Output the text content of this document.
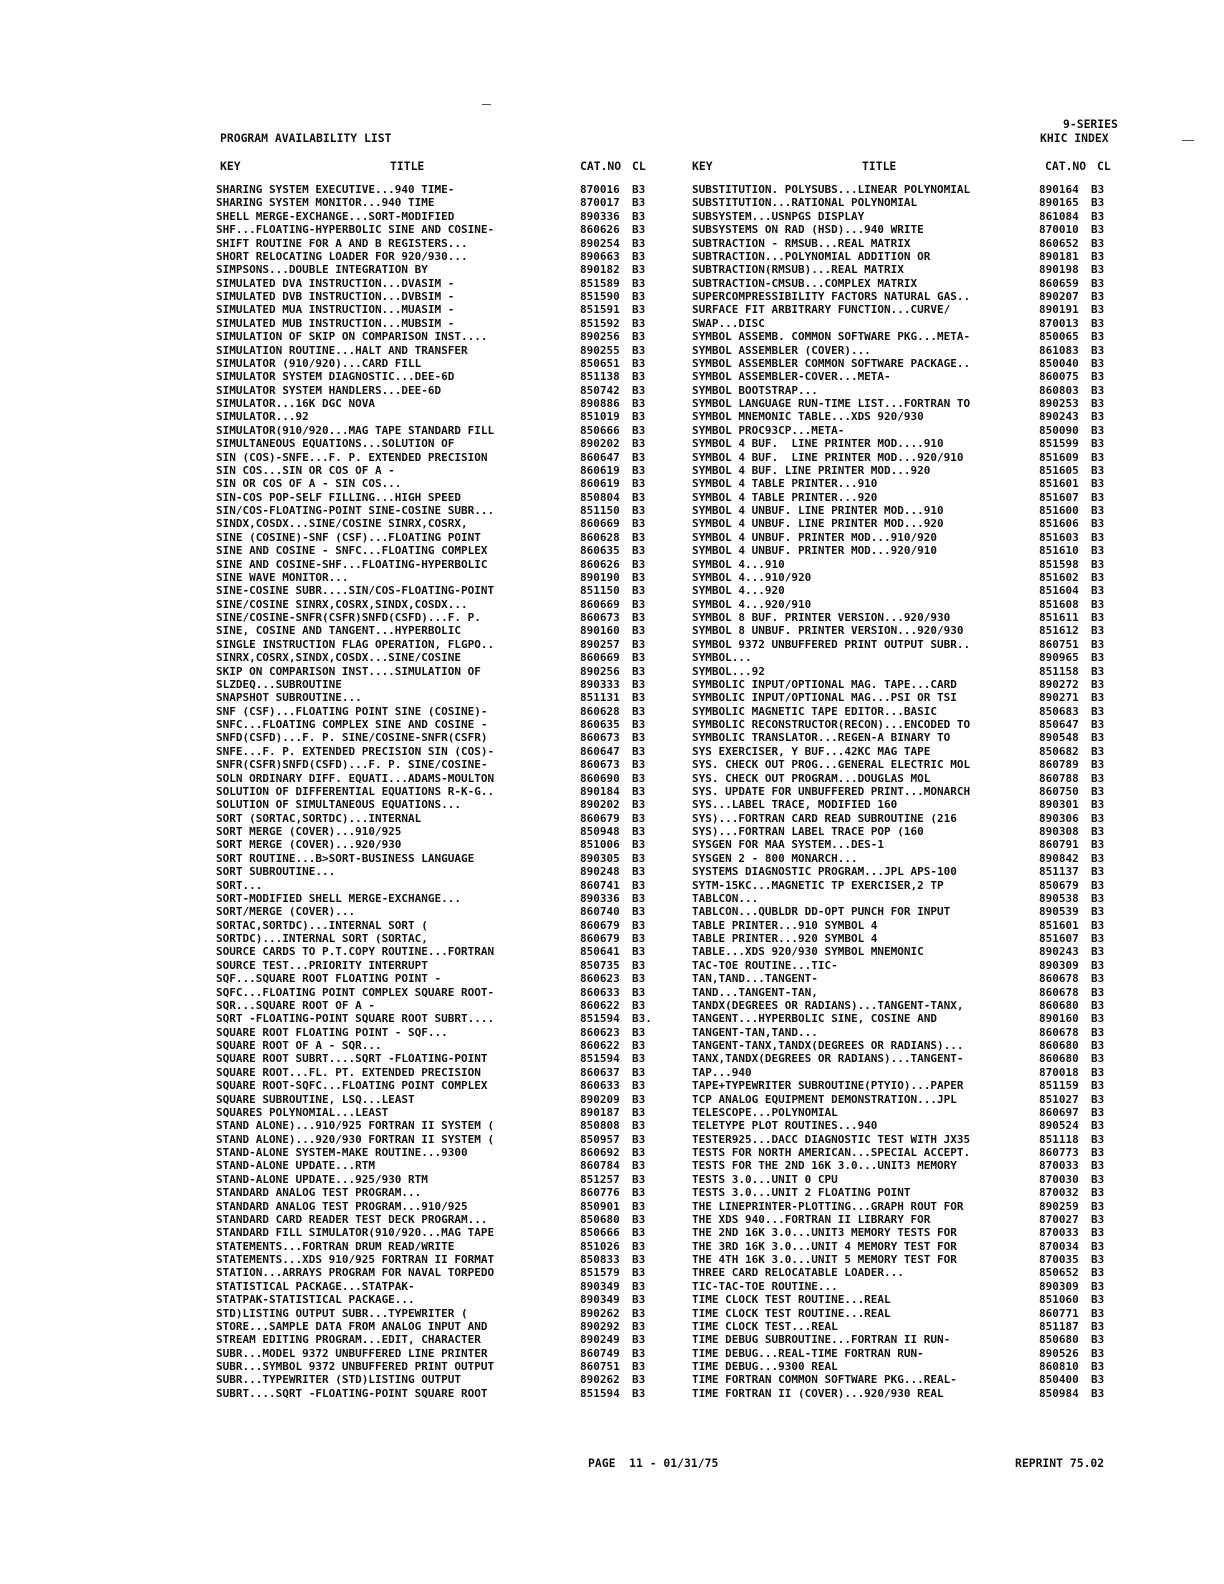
9-SERIES
KHIC INDEX
PROGRAM AVAILABILITY LIST
KEY	TITLE	CAT.NO CL	KEY	TITLE	CAT.NO CL
SHARING SYSTEM EXECUTIVE...940 TIME-	870016 B3
SHARING SYSTEM MONITOR...940 TIME	870017 B3
SHELL MERGE-EXCHANGE...SORT-MODIFIED	890336 B3
SHF...FLOATING-HYPERBOLIC SINE AND COSINE-	860626 B3
SHIFT ROUTINE FOR A AND B REGISTERS...	890254 B3
SHORT RELOCATING LOADER FOR 920/930...	890663 B3
SIMPSONS...DOUBLE INTEGRATION BY	890182 B3
SIMULATED DVA INSTRUCTION...DVASIM -	851589 B3
SIMULATED DVB INSTRUCTION...DVBSIM -	851590 B3
SIMULATED MUA INSTRUCTION...MUASIM -	851591 B3
SIMULATED MUB INSTRUCTION...MUBSIM -	851592 B3
SIMULATION OF SKIP ON COMPARISON INST....	890256 B3
SIMULATION ROUTINE...HALT AND TRANSFER	890255 B3
SIMULATOR (910/920)...CARD FILL	850651 B3
SIMULATOR SYSTEM DIAGNOSTIC...DEE-6D	851138 B3
SIMULATOR SYSTEM HANDLERS...DEE-6D	850742 B3
SIMULATOR...16K DGC NOVA	890886 B3
SIMULATOR...92	851019 B3
SIMULATOR(910/920...MAG TAPE STANDARD FILL	850666 B3
SIMULTANEOUS EQUATIONS...SOLUTION OF	890202 B3
SIN (COS)-SNFE...F. P. EXTENDED PRECISION	860647 B3
SIN COS...SIN OR COS OF A -	860619 B3
SIN OR COS OF A - SIN COS...	860619 B3
SIN-COS POP-SELF FILLING...HIGH SPEED	850804 B3
SIN/COS-FLOATING-POINT SINE-COSINE SUBR...	851150 B3
SINDX,COSDX...SINE/COSINE SINRX,COSRX,	860669 B3
SINE (COSINE)-SNF (CSF)...FLOATING POINT	860628 B3
SINE AND COSINE - SNFC...FLOATING COMPLEX	860635 B3
SINE AND COSINE-SHF...FLOATING-HYPERBOLIC	860626 B3
SINE WAVE MONITOR...	890190 B3
SINE-COSINE SUBR....SIN/COS-FLOATING-POINT	851150 B3
SINE/COSINE SINRX,COSRX,SINDX,COSDX...	860669 B3
SINE/COSINE-SNFR(CSFR)SNFD(CSFD)...F. P.	860673 B3
SINE, COSINE AND TANGENT...HYPERBOLIC	890160 B3
SINGLE INSTRUCTION FLAG OPERATION, FLGPO..	890257 B3
SINRX,COSRX,SINDX,COSDX...SINE/COSINE	860669 B3
SKIP ON COMPARISON INST....SIMULATION OF	890256 B3
SLZDEQ...SUBROUTINE	890333 B3
SNAPSHOT SUBROUTINE...	851131 B3
SNF (CSF)...FLOATING POINT SINE (COSINE)-	860628 B3
SNFC...FLOATING COMPLEX SINE AND COSINE -	860635 B3
SNFD(CSFD)...F. P. SINE/COSINE-SNFR(CSFR)	860673 B3
SNFE...F. P. EXTENDED PRECISION SIN (COS)-	860647 B3
SNFR(CSFR)SNFD(CSFD)...F. P. SINE/COSINE-	860673 B3
SOLN ORDINARY DIFF. EQUATI...ADAMS-MOULTON	860690 B3
SOLUTION OF DIFFERENTIAL EQUATIONS R-K-G..	890184 B3
SOLUTION OF SIMULTANEOUS EQUATIONS...	890202 B3
SORT (SORTAC,SORTDC)...INTERNAL	860679 B3
SORT MERGE (COVER)...910/925	850948 B3
SORT MERGE (COVER)...920/930	851006 B3
SORT ROUTINE...B>SORT-BUSINESS LANGUAGE	890305 B3
SORT SUBROUTINE...	890248 B3
SORT...	860741 B3
SORT-MODIFIED SHELL MERGE-EXCHANGE...	890336 B3
SORT/MERGE (COVER)...	860740 B3
SORTAC,SORTDC)...INTERNAL SORT (	860679 B3
SORTDC)...INTERNAL SORT (SORTAC,	860679 B3
SOURCE CARDS TO P.T.COPY ROUTINE...FORTRAN	850641 B3
SOURCE TEST...PRIORITY INTERRUPT	850735 B3
SQF...SQUARE ROOT FLOATING POINT -	860623 B3
SQFC...FLOATING POINT COMPLEX SQUARE ROOT-	860633 B3
SQR...SQUARE ROOT OF A -	860622 B3
SQRT -FLOATING-POINT SQUARE ROOT SUBRT....	851594 B3.
SQUARE ROOT FLOATING POINT - SQF...	860623 B3
SQUARE ROOT OF A - SQR...	860622 B3
SQUARE ROOT SUBRT....SQRT -FLOATING-POINT	851594 B3
SQUARE ROOT...FL. PT. EXTENDED PRECISION	860637 B3
SQUARE ROOT-SQFC...FLOATING POINT COMPLEX	860633 B3
SQUARE SUBROUTINE, LSQ...LEAST	890209 B3
SQUARES POLYNOMIAL...LEAST	890187 B3
STAND ALONE)...910/925 FORTRAN II SYSTEM (	850808 B3
STAND ALONE)...920/930 FORTRAN II SYSTEM (	850957 B3
STAND-ALONE SYSTEM-MAKE ROUTINE...9300	860692 B3
STAND-ALONE UPDATE...RTM	860784 B3
STAND-ALONE UPDATE...925/930 RTM	851257 B3
STANDARD ANALOG TEST PROGRAM...	860776 B3
STANDARD ANALOG TEST PROGRAM...910/925	850901 B3
STANDARD CARD READER TEST DECK PROGRAM...	850680 B3
STANDARD FILL SIMULATOR(910/920...MAG TAPE	850666 B3
STATEMENTS...FORTRAN DRUM READ/WRITE	851026 B3
STATEMENTS...XDS 910/925 FORTRAN II FORMAT	850833 B3
STATION...ARRAYS PROGRAM FOR NAVAL TORPEDO	851579 B3
STATISTICAL PACKAGE...STATPAK-	890349 B3
STATPAK-STATISTICAL PACKAGE...	890349 B3
STD)LISTING OUTPUT SUBR...TYPEWRITER (	890262 B3
STORE...SAMPLE DATA FROM ANALOG INPUT AND	890292 B3
STREAM EDITING PROGRAM...EDIT, CHARACTER	890249 B3
SUBR...MODEL 9372 UNBUFFERED LINE PRINTER	860749 B3
SUBR...SYMBOL 9372 UNBUFFERED PRINT OUTPUT	860751 B3
SUBR...TYPEWRITER (STD)LISTING OUTPUT	890262 B3
SUBRT....SQRT -FLOATING-POINT SQUARE ROOT	851594 B3
SUBSTITUTION. POLYSUBS...LINEAR POLYNOMIAL	890164 B3
SUBSTITUTION...RATIONAL POLYNOMIAL	890165 B3
SUBSYSTEM...USNPGS DISPLAY	861084 B3
SUBSYSTEMS ON RAD (HSD)...940 WRITE	870010 B3
SUBTRACTION - RMSUB...REAL MATRIX	860652 B3
SUBTRACTION...POLYNOMIAL ADDITION OR	890181 B3
SUBTRACTION(RMSUB)...REAL MATRIX	890198 B3
SUBTRACTION-CMSUB...COMPLEX MATRIX	860659 B3
SUPERCOMPRESSIBILITY FACTORS NATURAL GAS..	890207 B3
SURFACE FIT ARBITRARY FUNCTION...CURVE/	890191 B3
SWAP...DISC	870013 B3
SYMBOL ASSEMB. COMMON SOFTWARE PKG...META-	850065 B3
SYMBOL ASSEMBLER (COVER)...	861083 B3
SYMBOL ASSEMBLER COMMON SOFTWARE PACKAGE..	850040 B3
SYMBOL ASSEMBLER-COVER...META-	860075 B3
SYMBOL BOOTSTRAP...	860803 B3
SYMBOL LANGUAGE RUN-TIME LIST...FORTRAN TO	890253 B3
SYMBOL MNEMONIC TABLE...XDS 920/930	890243 B3
SYMBOL PROC93CP...META-	850090 B3
SYMBOL 4 BUF.  LINE PRINTER MOD....910	851599 B3
SYMBOL 4 BUF.  LINE PRINTER MOD...920/910	851609 B3
SYMBOL 4 BUF. LINE PRINTER MOD...920	851605 B3
SYMBOL 4 TABLE PRINTER...910	851601 B3
SYMBOL 4 TABLE PRINTER...920	851607 B3
SYMBOL 4 UNBUF. LINE PRINTER MOD...910	851600 B3
SYMBOL 4 UNBUF. LINE PRINTER MOD...920	851606 B3
SYMBOL 4 UNBUF. PRINTER MOD...910/920	851603 B3
SYMBOL 4 UNBUF. PRINTER MOD...920/910	851610 B3
SYMBOL 4...910	851598 B3
SYMBOL 4...910/920	851602 B3
SYMBOL 4...920	851604 B3
SYMBOL 4...920/910	851608 B3
SYMBOL 8 BUF. PRINTER VERSION...920/930	851611 B3
SYMBOL 8 UNBUF. PRINTER VERSION...920/930	851612 B3
SYMBOL 9372 UNBUFFERED PRINT OUTPUT SUBR..	860751 B3
SYMBOL...	890965 B3
SYMBOL...92	851158 B3
SYMBOLIC INPUT/OPTIONAL MAG. TAPE...CARD	890272 B3
SYMBOLIC INPUT/OPTIONAL MAG...PSI OR TSI	890271 B3
SYMBOLIC MAGNETIC TAPE EDITOR...BASIC	850683 B3
SYMBOLIC RECONSTRUCTOR(RECON)...ENCODED TO	850647 B3
SYMBOLIC TRANSLATOR...REGEN-A BINARY TO	890548 B3
SYS EXERCISER, Y BUF...42KC MAG TAPE	850682 B3
SYS. CHECK OUT PROG...GENERAL ELECTRIC MOL	860789 B3
SYS. CHECK OUT PROGRAM...DOUGLAS MOL	860788 B3
SYS. UPDATE FOR UNBUFFERED PRINT...MONARCH	860750 B3
SYS...LABEL TRACE, MODIFIED 160	890301 B3
SYS)...FORTRAN CARD READ SUBROUTINE (216	890306 B3
SYS)...FORTRAN LABEL TRACE POP (160	890308 B3
SYSGEN FOR MAA SYSTEM...DES-1	860791 B3
SYSGEN 2 - 800 MONARCH...	890842 B3
SYSTEMS DIAGNOSTIC PROGRAM...JPL APS-100	851137 B3
SYTM-15KC...MAGNETIC TP EXERCISER,2 TP	850679 B3
TABLCON...	890538 B3
TABLCON...QUBLDR DD-OPT PUNCH FOR INPUT	890539 B3
TABLE PRINTER...910 SYMBOL 4	851601 B3
TABLE PRINTER...920 SYMBOL 4	851607 B3
TABLE...XDS 920/930 SYMBOL MNEMONIC	890243 B3
TAC-TOE ROUTINE...TIC-	890309 B3
TAN,TAND...TANGENT-	860678 B3
TAND...TANGENT-TAN,	860678 B3
TANDX(DEGREES OR RADIANS)...TANGENT-TANX,	860680 B3
TANGENT...HYPERBOLIC SINE, COSINE AND	890160 B3
TANGENT-TAN,TAND...	860678 B3
TANGENT-TANX,TANDX(DEGREES OR RADIANS)...	860680 B3
TANX,TANDX(DEGREES OR RADIANS)...TANGENT-	860680 B3
TAP...940	870018 B3
TAPE+TYPEWRITER SUBROUTINE(PTYIO)...PAPER	851159 B3
TCP ANALOG EQUIPMENT DEMONSTRATION...JPL	851027 B3
TELESCOPE...POLYNOMIAL	860697 B3
TELETYPE PLOT ROUTINES...940	890524 B3
TESTER925...DACC DIAGNOSTIC TEST WITH JX35	851118 B3
TESTS FOR NORTH AMERICAN...SPECIAL ACCEPT.	860773 B3
TESTS FOR THE 2ND 16K 3.0...UNIT3 MEMORY	870033 B3
TESTS 3.0...UNIT 0 CPU	870030 B3
TESTS 3.0...UNIT 2 FLOATING POINT	870032 B3
THE LINEPRINTER-PLOTTING...GRAPH ROUT FOR	890259 B3
THE XDS 940...FORTRAN II LIBRARY FOR	870027 B3
THE 2ND 16K 3.0...UNIT3 MEMORY TESTS FOR	870033 B3
THE 3RD 16K 3.0...UNIT 4 MEMORY TEST FOR	870034 B3
THE 4TH 16K 3.0...UNIT 5 MEMORY TEST FOR	870035 B3
THREE CARD RELOCATABLE LOADER...	850652 B3
TIC-TAC-TOE ROUTINE...	890309 B3
TIME CLOCK TEST ROUTINE...REAL	851060 B3
TIME CLOCK TEST ROUTINE...REAL	860771 B3
TIME CLOCK TEST...REAL	851187 B3
TIME DEBUG SUBROUTINE...FORTRAN II RUN-	850680 B3
TIME DEBUG...REAL-TIME FORTRAN RUN-	890526 B3
TIME DEBUG...9300 REAL	860810 B3
TIME FORTRAN COMMON SOFTWARE PKG...REAL-	850400 B3
TIME FORTRAN II (COVER)...920/930 REAL	850984 B3
PAGE  11 - 01/31/75	REPRINT 75.02
